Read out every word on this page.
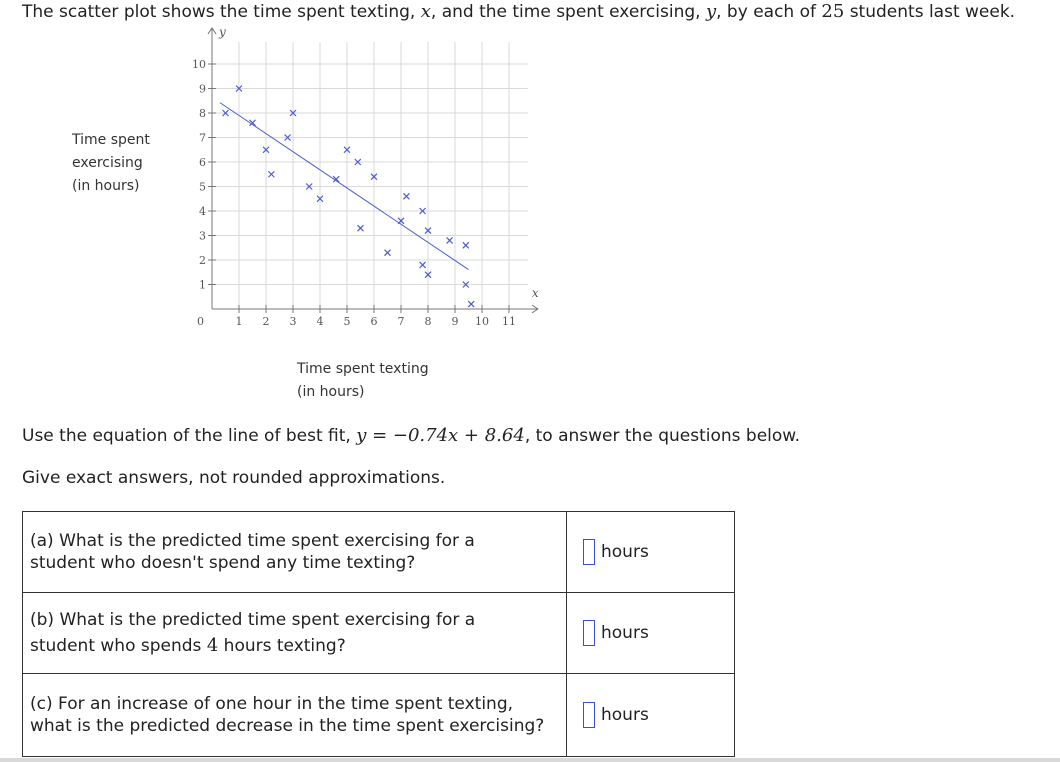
The scatter plot shows the time spent texting, x, and the time spent exercising, y, by each of 25 students last week.
Time spent
exercising
(in hours)
1 2 3 4 5 6 7 8 9 10 11
1
2
3
4
5
6
7
8
9
10
0
x
y
Time spent texting
(in hours)
Use the equation of the line of best fit, y = −0.74x + 8.64, to answer the questions below.
Give exact answers, not rounded approximations.
(a) What is the predicted time spent exercising for a
student who doesn't spend any time texting?	hours

(b) What is the predicted time spent exercising for a
student who spends 4 hours texting?	hours

(c) For an increase of one hour in the time spent texting,
what is the predicted decrease in the time spent exercising?	hours
